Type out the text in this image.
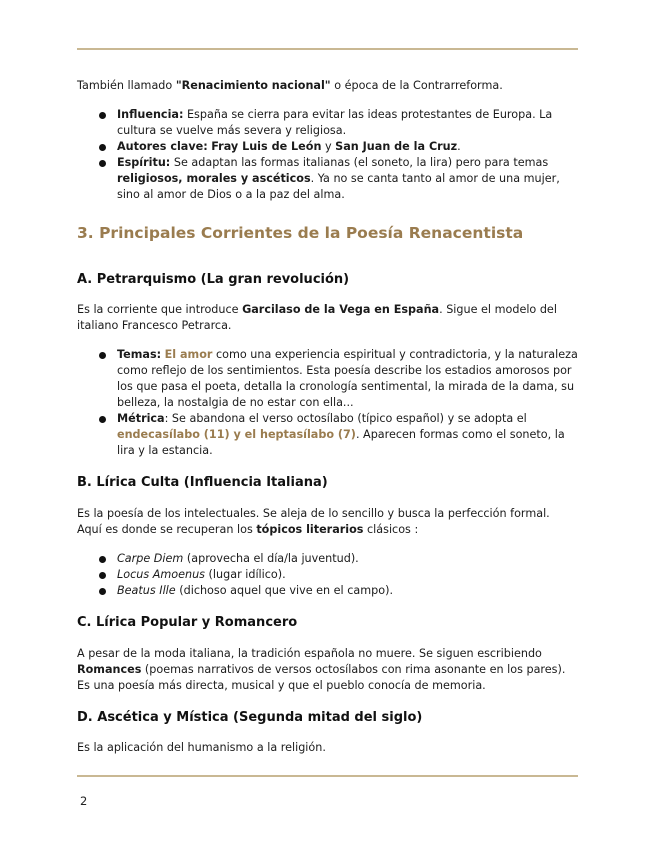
También llamado "Renacimiento nacional" o época de la Contrarreforma.

Influencia: España se cierra para evitar las ideas protestantes de Europa. La cultura se vuelve más severa y religiosa.
Autores clave: Fray Luis de León y San Juan de la Cruz.
Espíritu: Se adaptan las formas italianas (el soneto, la lira) pero para temas religiosos, morales y ascéticos. Ya no se canta tanto al amor de una mujer, sino al amor de Dios o a la paz del alma.
3. Principales Corrientes de la Poesía Renacentista
A. Petrarquismo (La gran revolución)

Es la corriente que introduce Garcilaso de la Vega en España. Sigue el modelo del italiano Francesco Petrarca.

Temas: El amor como una experiencia espiritual y contradictoria, y la naturaleza como reflejo de los sentimientos. Esta poesía describe los estadios amorosos por los que pasa el poeta, detalla la cronología sentimental, la mirada de la dama, su belleza, la nostalgia de no estar con ella...
Métrica: Se abandona el verso octosílabo (típico español) y se adopta el endecasílabo (11) y el heptasílabo (7). Aparecen formas como el soneto, la lira y la estancia.
B. Lírica Culta (Influencia Italiana)

Es la poesía de los intelectuales. Se aleja de lo sencillo y busca la perfección formal. Aquí es donde se recuperan los tópicos literarios clásicos :

Carpe Diem (aprovecha el día/la juventud).
Locus Amoenus (lugar idílico).
Beatus Ille (dichoso aquel que vive en el campo).
C. Lírica Popular y Romancero

A pesar de la moda italiana, la tradición española no muere. Se siguen escribiendo Romances (poemas narrativos de versos octosílabos con rima asonante en los pares). Es una poesía más directa, musical y que el pueblo conocía de memoria.

D. Ascética y Mística (Segunda mitad del siglo)

Es la aplicación del humanismo a la religión.

2
